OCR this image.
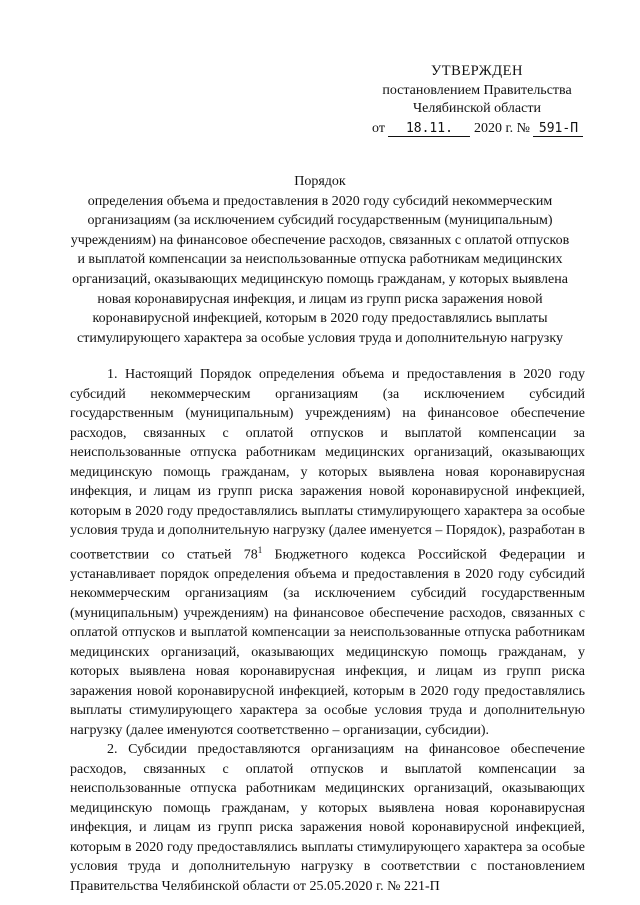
УТВЕРЖДЕН
постановлением Правительства
Челябинской области
от 18.11. 2020 г. № 591-П
Порядок
определения объема и предоставления в 2020 году субсидий некоммерческим организациям (за исключением субсидий государственным (муниципальным) учреждениям) на финансовое обеспечение расходов, связанных с оплатой отпусков и выплатой компенсации за неиспользованные отпуска работникам медицинских организаций, оказывающих медицинскую помощь гражданам, у которых выявлена новая коронавирусная инфекция, и лицам из групп риска заражения новой коронавирусной инфекцией, которым в 2020 году предоставлялись выплаты стимулирующего характера за особые условия труда и дополнительную нагрузку

1. Настоящий Порядок определения объема и предоставления в 2020 году субсидий некоммерческим организациям (за исключением субсидий государственным (муниципальным) учреждениям) на финансовое обеспечение расходов, связанных с оплатой отпусков и выплатой компенсации за неиспользованные отпуска работникам медицинских организаций, оказывающих медицинскую помощь гражданам, у которых выявлена новая коронавирусная инфекция, и лицам из групп риска заражения новой коронавирусной инфекцией, которым в 2020 году предоставлялись выплаты стимулирующего характера за особые условия труда и дополнительную нагрузку (далее именуется – Порядок), разработан в соответствии со статьей $78^1$ Бюджетного кодекса Российской Федерации и устанавливает порядок определения объема и предоставления в 2020 году субсидий некоммерческим организациям (за исключением субсидий государственным (муниципальным) учреждениям) на финансовое обеспечение расходов, связанных с оплатой отпусков и выплатой компенсации за неиспользованные отпуска работникам медицинских организаций, оказывающих медицинскую помощь гражданам, у которых выявлена новая коронавирусная инфекция, и лицам из групп риска заражения новой коронавирусной инфекцией, которым в 2020 году предоставлялись выплаты стимулирующего характера за особые условия труда и дополнительную нагрузку (далее именуются соответственно – организации, субсидии).

2. Субсидии предоставляются организациям на финансовое обеспечение расходов, связанных с оплатой отпусков и выплатой компенсации за неиспользованные отпуска работникам медицинских организаций, оказывающих медицинскую помощь гражданам, у которых выявлена новая коронавирусная инфекция, и лицам из групп риска заражения новой коронавирусной инфекцией, которым в 2020 году предоставлялись выплаты стимулирующего характера за особые условия труда и дополнительную нагрузку в соответствии с постановлением Правительства Челябинской области от 25.05.2020 г. № 221-П
